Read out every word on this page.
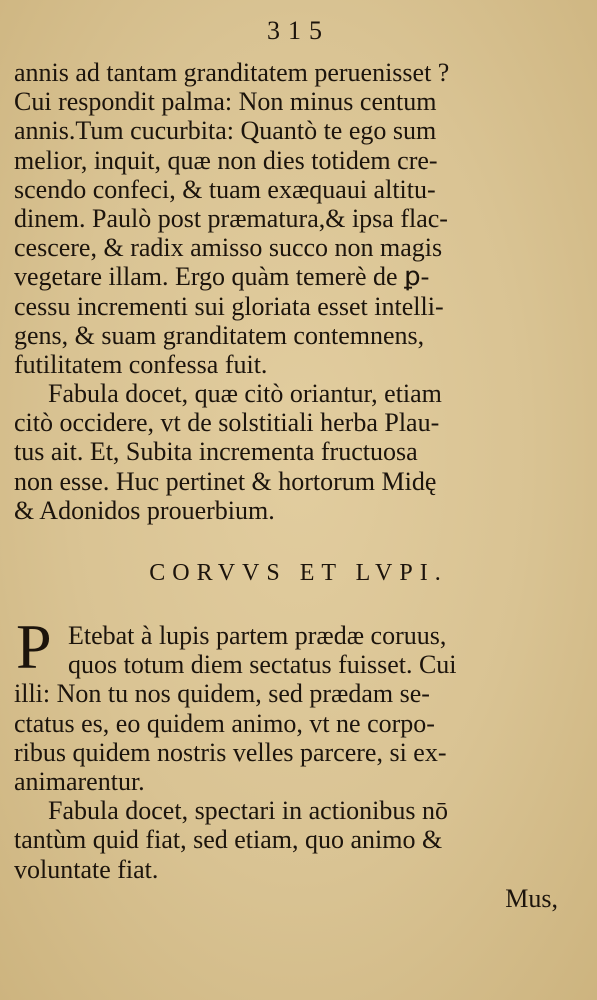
315
annis ad tantam granditatem peruenisset ?
Cui respondit palma: Non minus centum
annis.Tum cucurbita: Quantò te ego sum
melior, inquit, quæ non dies totidem cre-
scendo confeci, & tuam exæquaui altitu-
dinem. Paulò post præmatura,& ipsa flac-
cescere, & radix amisso succo non magis
vegetare illam. Ergo quàm temerè de ꝑ-
cessu incrementi sui gloriata esset intelli-
gens, & suam granditatem contemnens,
futilitatem confessa fuit.
Fabula docet, quæ citò oriantur, etiam
citò occidere, vt de solstitiali herba Plau-
tus ait. Et, Subita incrementa fructuosa
non esse. Huc pertinet & hortorum Midę
& Adonidos prouerbium.
CORVVS ET LVPI.
P Etebat à lupis partem prædæ coruus,
quos totum diem sectatus fuisset. Cui
illi: Non tu nos quidem, sed prædam se-
ctatus es, eo quidem animo, vt ne corpo-
ribus quidem nostris velles parcere, si ex-
animarentur.
Fabula docet, spectari in actionibus nō
tantùm quid fiat, sed etiam, quo animo &
voluntate fiat.
Mus,
